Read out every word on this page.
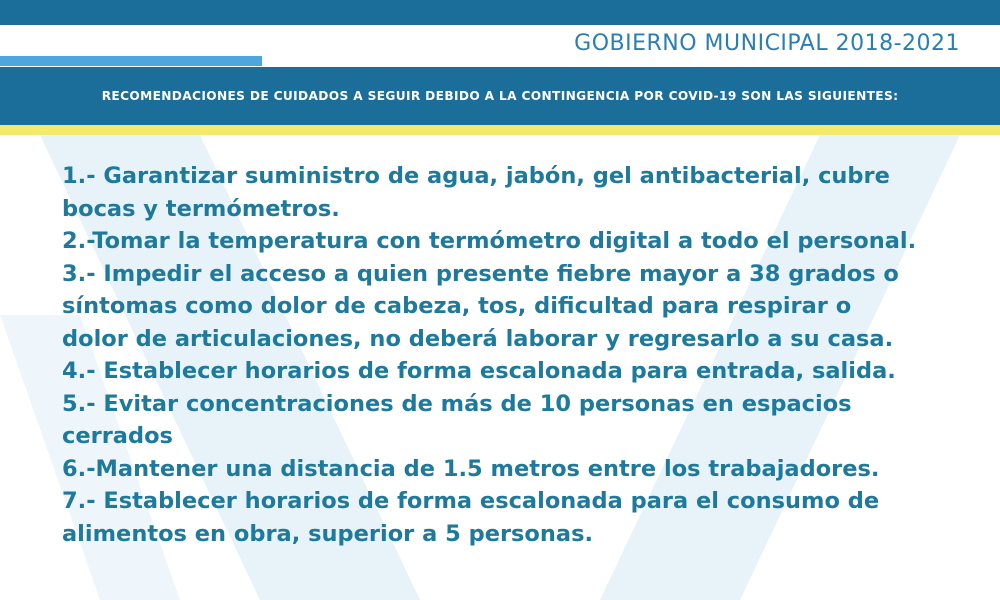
GOBIERNO MUNICIPAL 2018-2021
RECOMENDACIONES DE CUIDADOS A SEGUIR DEBIDO A LA CONTINGENCIA POR COVID-19 SON LAS SIGUIENTES:
1.- Garantizar suministro de agua, jabón, gel antibacterial, cubre
bocas y termómetros.
2.-Tomar la temperatura con termómetro digital a todo el personal.
3.- Impedir el acceso a quien presente fiebre mayor a 38 grados o
síntomas como dolor de cabeza, tos, dificultad para respirar o
dolor de articulaciones, no deberá laborar y regresarlo a su casa.
4.- Establecer horarios de forma escalonada para entrada, salida.
5.- Evitar concentraciones de más de 10 personas en espacios
cerrados
6.-Mantener una distancia de 1.5 metros entre los trabajadores.
7.- Establecer horarios de forma escalonada para el consumo de
alimentos en obra, superior a 5 personas.
